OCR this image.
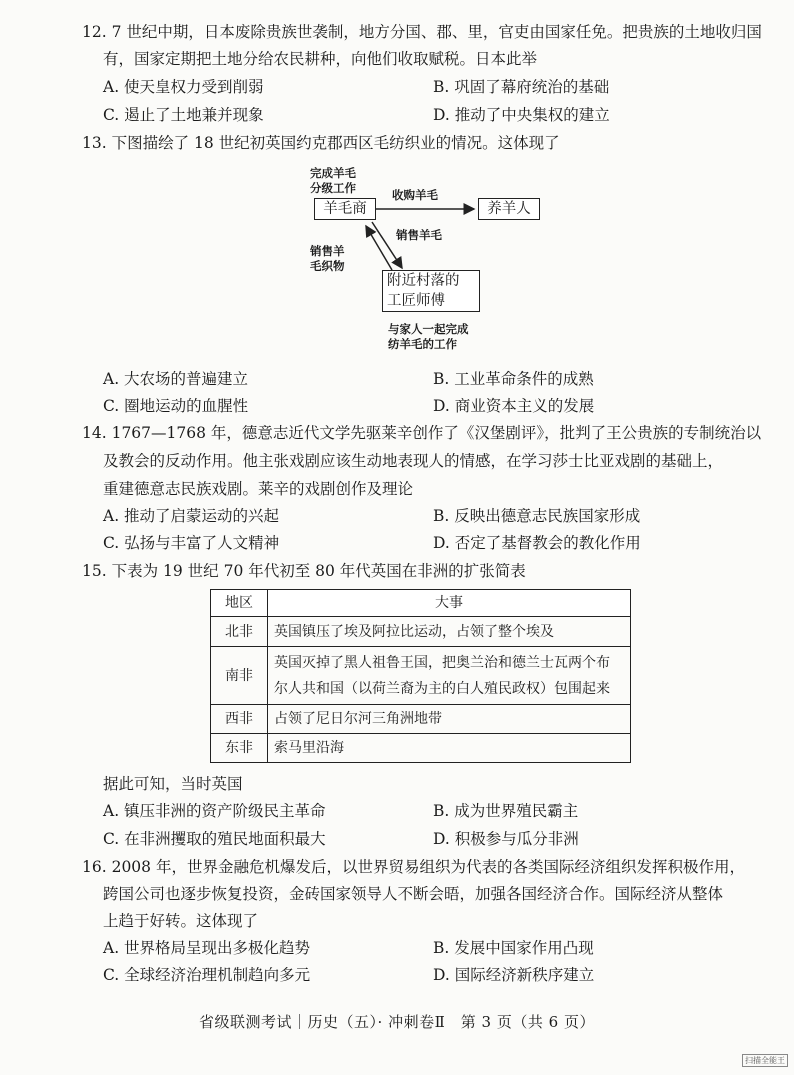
12. 7 世纪中期，日本废除贵族世袭制，地方分国、郡、里，官吏由国家任免。把贵族的土地收归国
有，国家定期把土地分给农民耕种，向他们收取赋税。日本此举
A. 使天皇权力受到削弱	B. 巩固了幕府统治的基础
C. 遏止了土地兼并现象	D. 推动了中央集权的建立
13. 下图描绘了 18 世纪初英国约克郡西区毛纺织业的情况。这体现了
完成羊毛
分级工作
羊毛商
收购羊毛
养羊人
销售羊毛
销售羊
毛织物
附近村落的
工匠师傅
与家人一起完成
纺羊毛的工作
A. 大农场的普遍建立	B. 工业革命条件的成熟
C. 圈地运动的血腥性	D. 商业资本主义的发展
14. 1767—1768 年，德意志近代文学先驱莱辛创作了《汉堡剧评》，批判了王公贵族的专制统治以
及教会的反动作用。他主张戏剧应该生动地表现人的情感，在学习莎士比亚戏剧的基础上，
重建德意志民族戏剧。莱辛的戏剧创作及理论
A. 推动了启蒙运动的兴起	B. 反映出德意志民族国家形成
C. 弘扬与丰富了人文精神	D. 否定了基督教会的教化作用
15. 下表为 19 世纪 70 年代初至 80 年代英国在非洲的扩张简表
地区	大事
北非	英国镇压了埃及阿拉比运动，占领了整个埃及

南非	英国灭掉了黑人祖鲁王国，把奥兰治和德兰士瓦两个布
尔人共和国（以荷兰裔为主的白人殖民政权）包围起来

西非	占领了尼日尔河三角洲地带

东非	索马里沿海
据此可知，当时英国
A. 镇压非洲的资产阶级民主革命	B. 成为世界殖民霸主
C. 在非洲攫取的殖民地面积最大	D. 积极参与瓜分非洲
16. 2008 年，世界金融危机爆发后，以世界贸易组织为代表的各类国际经济组织发挥积极作用，
跨国公司也逐步恢复投资，金砖国家领导人不断会晤，加强各国经济合作。国际经济从整体
上趋于好转。这体现了
A. 世界格局呈现出多极化趋势	B. 发展中国家作用凸现
C. 全球经济治理机制趋向多元	D. 国际经济新秩序建立
省级联测考试｜历史（五）· 冲刺卷Ⅱ　第 3 页（共 6 页）
扫描全能王
